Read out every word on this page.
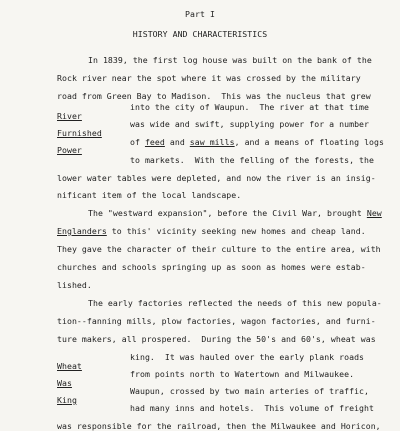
Part I
HISTORY AND CHARACTERISTICS
In 1839, the first log house was built on the bank of the
Rock river near the spot where it was crossed by the military
road from Green Bay to Madison.  This was the nucleus that grew
into the city of Waupun.  The river at that time
River
was wide and swift, supplying power for a number
Furnished
of feed and saw mills, and a means of floating logs
Power
to markets.  With the felling of the forests, the
lower water tables were depleted, and now the river is an insig-
nificant item of the local landscape.
The "westward expansion", before the Civil War, brought New
Englanders to this' vicinity seeking new homes and cheap land.
They gave the character of their culture to the entire area, with
churches and schools springing up as soon as homes were estab-
lished.
The early factories reflected the needs of this new popula-
tion--fanning mills, plow factories, wagon factories, and furni-
ture makers, all prospered.  During the 50's and 60's, wheat was
king.  It was hauled over the early plank roads
Wheat
from points north to Watertown and Milwaukee.
Was
Waupun, crossed by two main arteries of traffic,
King
had many inns and hotels.  This volume of freight
was responsible for the railroad, then the Milwaukee and Horicon,
